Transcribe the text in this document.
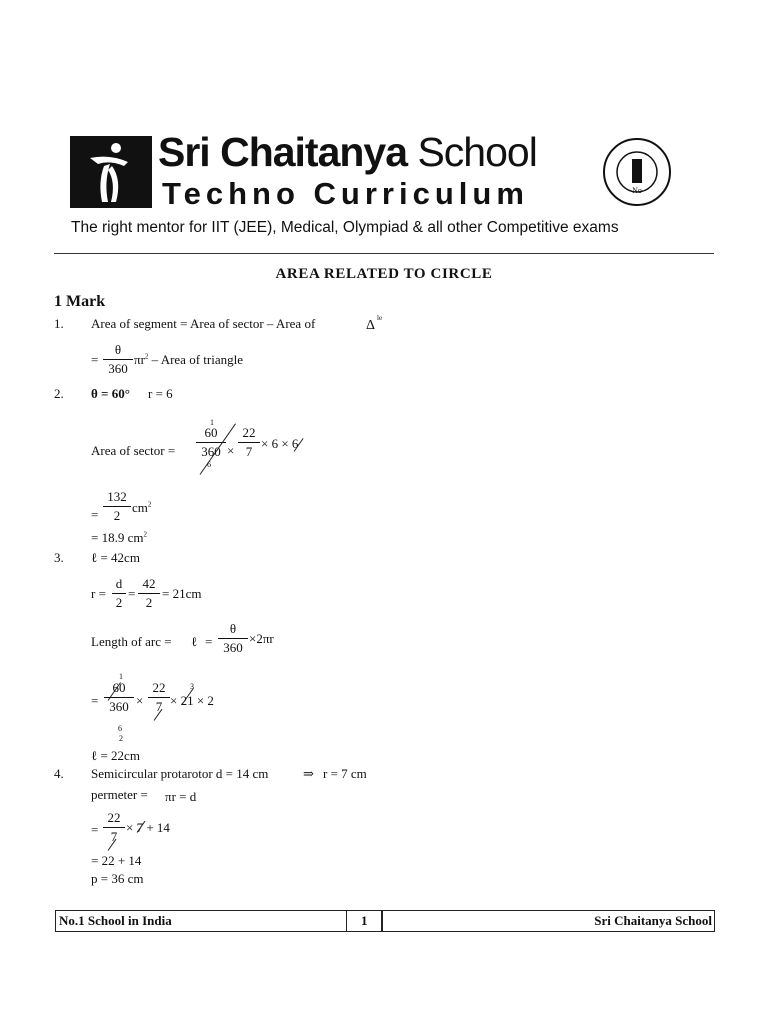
Sri Chaitanya School
Techno Curriculum
The right mentor for IIT (JEE), Medical, Olympiad & all other Competitive exams
No
AREA RELATED TO CIRCLE
1 Mark
1. Area of segment = Area of sector – Area of	Δ le
=
θ
360
$\pi r^2$ – Area of triangle
2. θ = 60° r = 6
Area of sector =
1
60
360
6
×
22
7
× 6 × 6
=
132
2
$cm^2$
= 18.9 $cm^2$
3. ℓ = 42cm
r =
d
2
=
42
2
= 21cm
Length of arc = ℓ =
θ
360
×2πr
1
=
60
360
6
×
22
7
3
× 21 × 2
2
ℓ = 22cm
4. Semicircular protarotor d = 14 cm	⇒ r = 7 cm
permeter = πr = d
=
22
7
× 7 + 14
= 22 + 14
p = 36 cm
No.1 School in India	1	Sri Chaitanya School
